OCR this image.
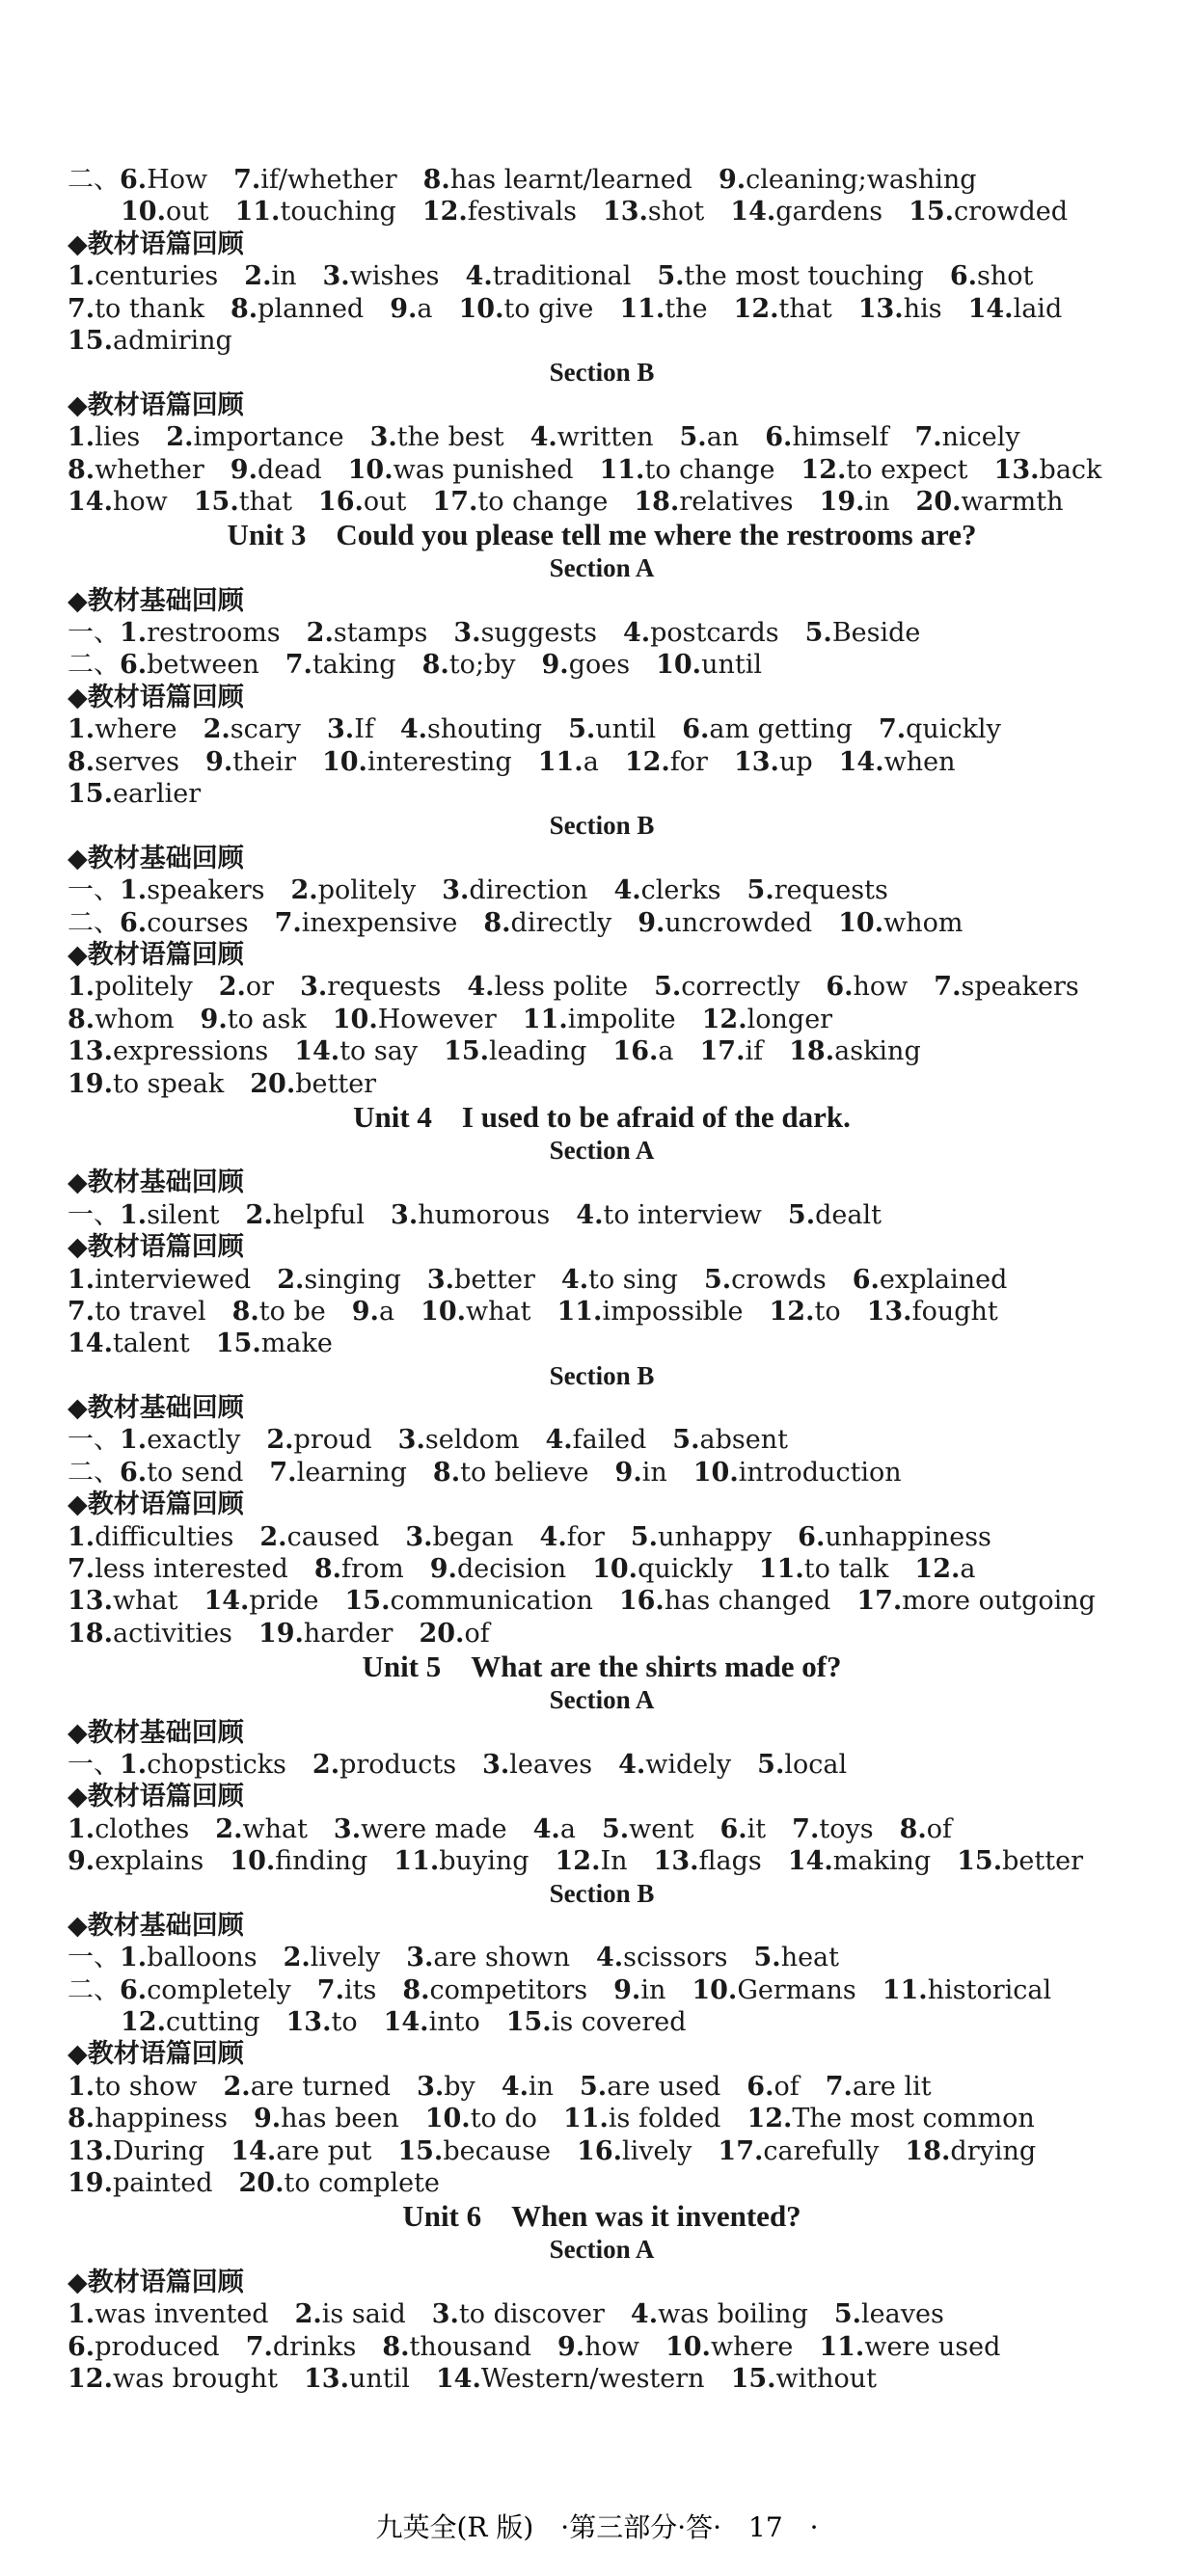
二、6.How　7.if/whether　8.has learnt/learned　9.cleaning;washing
10.out　11.touching　12.festivals　13.shot　14.gardens　15.crowded
◆教材语篇回顾
1.centuries　2.in　3.wishes　4.traditional　5.the most touching　6.shot
7.to thank　8.planned　9.a　10.to give　11.the　12.that　13.his　14.laid
15.admiring
Section B
◆教材语篇回顾
1.lies　2.importance　3.the best　4.written　5.an　6.himself　7.nicely
8.whether　9.dead　10.was punished　11.to change　12.to expect　13.back
14.how　15.that　16.out　17.to change　18.relatives　19.in　20.warmth
Unit 3　Could you please tell me where the restrooms are?
Section A
◆教材基础回顾
一、1.restrooms　2.stamps　3.suggests　4.postcards　5.Beside
二、6.between　7.taking　8.to;by　9.goes　10.until
◆教材语篇回顾
1.where　2.scary　3.If　4.shouting　5.until　6.am getting　7.quickly
8.serves　9.their　10.interesting　11.a　12.for　13.up　14.when
15.earlier
Section B
◆教材基础回顾
一、1.speakers　2.politely　3.direction　4.clerks　5.requests
二、6.courses　7.inexpensive　8.directly　9.uncrowded　10.whom
◆教材语篇回顾
1.politely　2.or　3.requests　4.less polite　5.correctly　6.how　7.speakers
8.whom　9.to ask　10.However　11.impolite　12.longer
13.expressions　14.to say　15.leading　16.a　17.if　18.asking
19.to speak　20.better
Unit 4　I used to be afraid of the dark.
Section A
◆教材基础回顾
一、1.silent　2.helpful　3.humorous　4.to interview　5.dealt
◆教材语篇回顾
1.interviewed　2.singing　3.better　4.to sing　5.crowds　6.explained
7.to travel　8.to be　9.a　10.what　11.impossible　12.to　13.fought
14.talent　15.make
Section B
◆教材基础回顾
一、1.exactly　2.proud　3.seldom　4.failed　5.absent
二、6.to send　7.learning　8.to believe　9.in　10.introduction
◆教材语篇回顾
1.difficulties　2.caused　3.began　4.for　5.unhappy　6.unhappiness
7.less interested　8.from　9.decision　10.quickly　11.to talk　12.a
13.what　14.pride　15.communication　16.has changed　17.more outgoing
18.activities　19.harder　20.of
Unit 5　What are the shirts made of?
Section A
◆教材基础回顾
一、1.chopsticks　2.products　3.leaves　4.widely　5.local
◆教材语篇回顾
1.clothes　2.what　3.were made　4.a　5.went　6.it　7.toys　8.of
9.explains　10.finding　11.buying　12.In　13.flags　14.making　15.better
Section B
◆教材基础回顾
一、1.balloons　2.lively　3.are shown　4.scissors　5.heat
二、6.completely　7.its　8.competitors　9.in　10.Germans　11.historical
12.cutting　13.to　14.into　15.is covered
◆教材语篇回顾
1.to show　2.are turned　3.by　4.in　5.are used　6.of　7.are lit
8.happiness　9.has been　10.to do　11.is folded　12.The most common
13.During　14.are put　15.because　16.lively　17.carefully　18.drying
19.painted　20.to complete
Unit 6　When was it invented?
Section A
◆教材语篇回顾
1.was invented　2.is said　3.to discover　4.was boiling　5.leaves
6.produced　7.drinks　8.thousand　9.how　10.where　11.were used
12.was brought　13.until　14.Western/western　15.without
九英全(R 版)　·第三部分·答·　17　·
